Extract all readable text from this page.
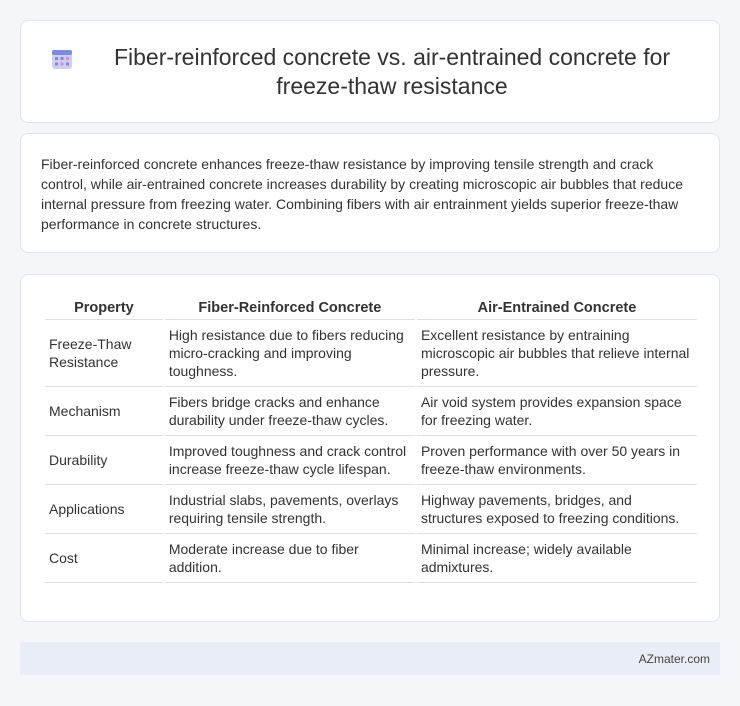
Fiber-reinforced concrete vs. air-entrained concrete for freeze-thaw resistance

Fiber-reinforced concrete enhances freeze-thaw resistance by improving tensile strength and crack control, while air-entrained concrete increases durability by creating microscopic air bubbles that reduce internal pressure from freezing water. Combining fibers with air entrainment yields superior freeze-thaw performance in concrete structures.

Property	Fiber-Reinforced Concrete	Air-Entrained Concrete
Freeze-Thaw Resistance	High resistance due to fibers reducing micro-cracking and improving toughness.	Excellent resistance by entraining microscopic air bubbles that relieve internal pressure.
Mechanism	Fibers bridge cracks and enhance durability under freeze-thaw cycles.	Air void system provides expansion space for freezing water.
Durability	Improved toughness and crack control increase freeze-thaw cycle lifespan.	Proven performance with over 50 years in freeze-thaw environments.
Applications	Industrial slabs, pavements, overlays requiring tensile strength.	Highway pavements, bridges, and structures exposed to freezing conditions.
Cost	Moderate increase due to fiber addition.	Minimal increase; widely available admixtures.
AZmater.com
